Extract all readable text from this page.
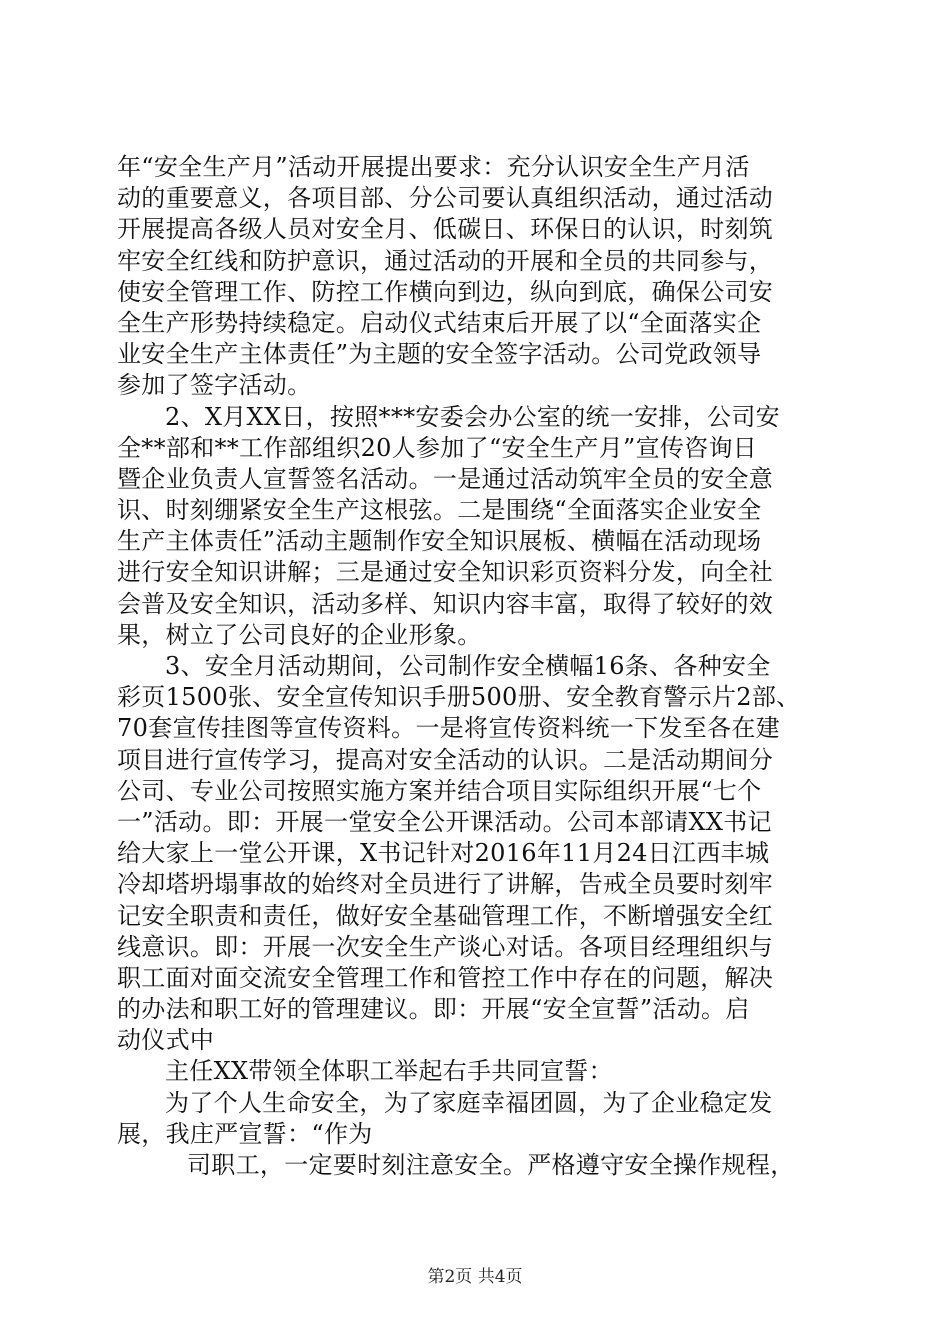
年“安全生产月”活动开展提出要求：充分认识安全生产月活
动的重要意义，各项目部、分公司要认真组织活动，通过活动
开展提高各级人员对安全月、低碳日、环保日的认识，时刻筑
牢安全红线和防护意识，通过活动的开展和全员的共同参与，
使安全管理工作、防控工作横向到边，纵向到底，确保公司安
全生产形势持续稳定。启动仪式结束后开展了以“全面落实企
业安全生产主体责任”为主题的安全签字活动。公司党政领导
参加了签字活动。
2、X月XX日，按照***安委会办公室的统一安排，公司安
全**部和**工作部组织20人参加了“安全生产月”宣传咨询日
暨企业负责人宣誓签名活动。一是通过活动筑牢全员的安全意
识、时刻绷紧安全生产这根弦。二是围绕“全面落实企业安全
生产主体责任”活动主题制作安全知识展板、横幅在活动现场
进行安全知识讲解；三是通过安全知识彩页资料分发，向全社
会普及安全知识，活动多样、知识内容丰富，取得了较好的效
果，树立了公司良好的企业形象。
3、安全月活动期间，公司制作安全横幅16条、各种安全
彩页1500张、安全宣传知识手册500册、安全教育警示片2部、
70套宣传挂图等宣传资料。一是将宣传资料统一下发至各在建
项目进行宣传学习，提高对安全活动的认识。二是活动期间分
公司、专业公司按照实施方案并结合项目实际组织开展“七个
一”活动。即：开展一堂安全公开课活动。公司本部请XX书记
给大家上一堂公开课，X书记针对2016年11月24日江西丰城
冷却塔坍塌事故的始终对全员进行了讲解，告戒全员要时刻牢
记安全职责和责任，做好安全基础管理工作，不断增强安全红
线意识。即：开展一次安全生产谈心对话。各项目经理组织与
职工面对面交流安全管理工作和管控工作中存在的问题，解决
的办法和职工好的管理建议。即：开展“安全宣誓”活动。启
动仪式中
主任XX带领全体职工举起右手共同宣誓：
为了个人生命安全，为了家庭幸福团圆，为了企业稳定发
展，我庄严宣誓：“作为
司职工，一定要时刻注意安全。严格遵守安全操作规程，
第2页 共4页
